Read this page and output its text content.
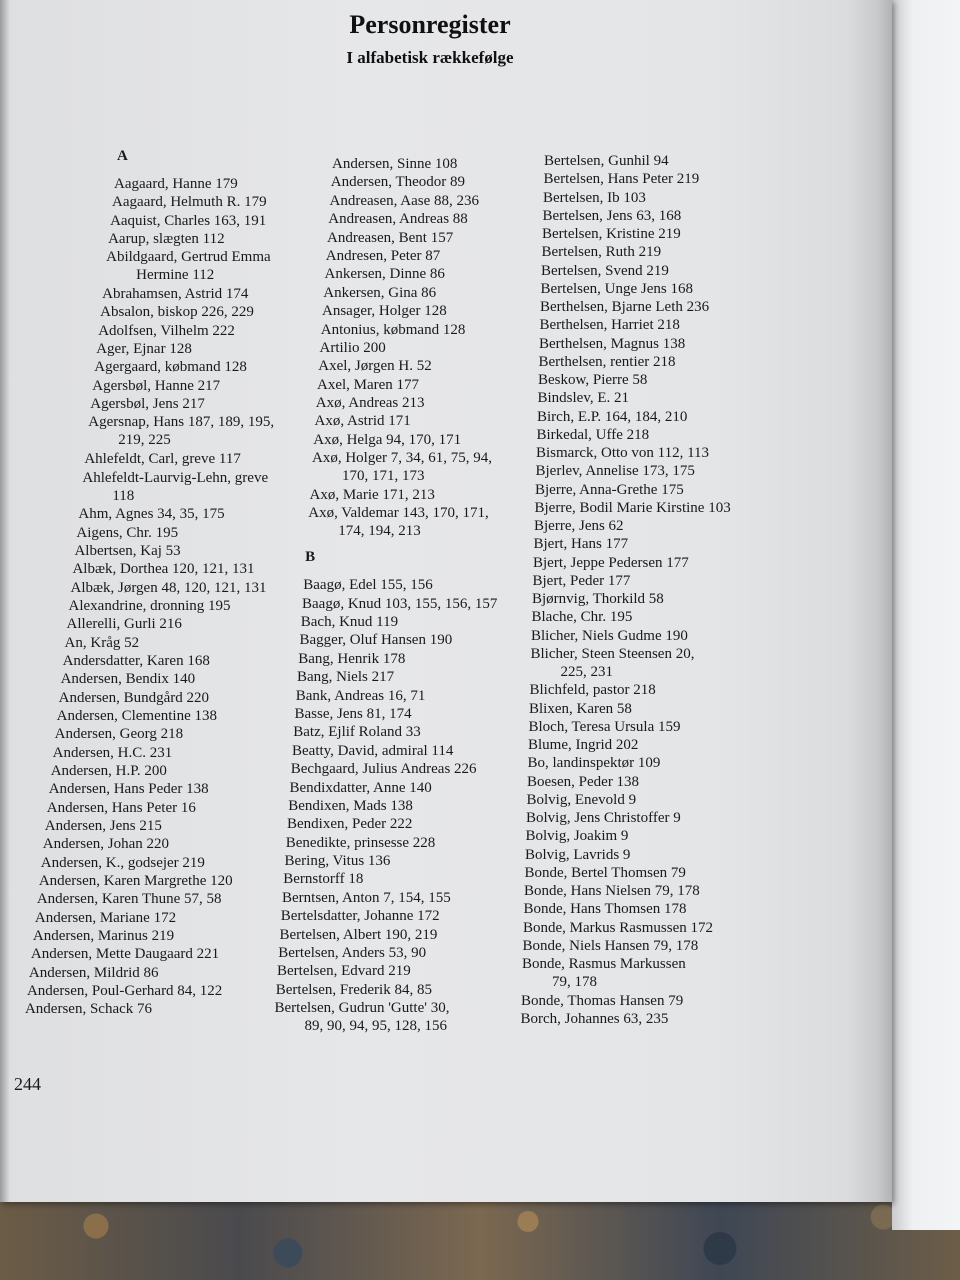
Personregister
I alfabetisk rækkefølge
A
Aagaard, Hanne 179
Aagaard, Helmuth R. 179
Aaquist, Charles 163, 191
Aarup, slægten 112
Abildgaard, Gertrud Emma
Hermine 112
Abrahamsen, Astrid 174
Absalon, biskop 226, 229
Adolfsen, Vilhelm 222
Ager, Ejnar 128
Agergaard, købmand 128
Agersbøl, Hanne 217
Agersbøl, Jens 217
Agersnap, Hans 187, 189, 195,
219, 225
Ahlefeldt, Carl, greve 117
Ahlefeldt-Laurvig-Lehn, greve
118
Ahm, Agnes 34, 35, 175
Aigens, Chr. 195
Albertsen, Kaj 53
Albæk, Dorthea 120, 121, 131
Albæk, Jørgen 48, 120, 121, 131
Alexandrine, dronning 195
Allerelli, Gurli 216
An, Kråg 52
Andersdatter, Karen 168
Andersen, Bendix 140
Andersen, Bundgård 220
Andersen, Clementine 138
Andersen, Georg 218
Andersen, H.C. 231
Andersen, H.P. 200
Andersen, Hans Peder 138
Andersen, Hans Peter 16
Andersen, Jens 215
Andersen, Johan 220
Andersen, K., godsejer 219
Andersen, Karen Margrethe 120
Andersen, Karen Thune 57, 58
Andersen, Mariane 172
Andersen, Marinus 219
Andersen, Mette Daugaard 221
Andersen, Mildrid 86
Andersen, Poul-Gerhard 84, 122
Andersen, Schack 76
Andersen, Sinne 108
Andersen, Theodor 89
Andreasen, Aase 88, 236
Andreasen, Andreas 88
Andreasen, Bent 157
Andresen, Peter 87
Ankersen, Dinne 86
Ankersen, Gina 86
Ansager, Holger 128
Antonius, købmand 128
Artilio 200
Axel, Jørgen H. 52
Axel, Maren 177
Axø, Andreas 213
Axø, Astrid 171
Axø, Helga 94, 170, 171
Axø, Holger 7, 34, 61, 75, 94,
170, 171, 173
Axø, Marie 171, 213
Axø, Valdemar 143, 170, 171,
174, 194, 213
B
Baagø, Edel 155, 156
Baagø, Knud 103, 155, 156, 157
Bach, Knud 119
Bagger, Oluf Hansen 190
Bang, Henrik 178
Bang, Niels 217
Bank, Andreas 16, 71
Basse, Jens 81, 174
Batz, Ejlif Roland 33
Beatty, David, admiral 114
Bechgaard, Julius Andreas 226
Bendixdatter, Anne 140
Bendixen, Mads 138
Bendixen, Peder 222
Benedikte, prinsesse 228
Bering, Vitus 136
Bernstorff 18
Berntsen, Anton 7, 154, 155
Bertelsdatter, Johanne 172
Bertelsen, Albert 190, 219
Bertelsen, Anders 53, 90
Bertelsen, Edvard 219
Bertelsen, Frederik 84, 85
Bertelsen, Gudrun 'Gutte' 30,
89, 90, 94, 95, 128, 156
Bertelsen, Gunhil 94
Bertelsen, Hans Peter 219
Bertelsen, Ib 103
Bertelsen, Jens 63, 168
Bertelsen, Kristine 219
Bertelsen, Ruth 219
Bertelsen, Svend 219
Bertelsen, Unge Jens 168
Berthelsen, Bjarne Leth 236
Berthelsen, Harriet 218
Berthelsen, Magnus 138
Berthelsen, rentier 218
Beskow, Pierre 58
Bindslev, E. 21
Birch, E.P. 164, 184, 210
Birkedal, Uffe 218
Bismarck, Otto von 112, 113
Bjerlev, Annelise 173, 175
Bjerre, Anna-Grethe 175
Bjerre, Bodil Marie Kirstine 103
Bjerre, Jens 62
Bjert, Hans 177
Bjert, Jeppe Pedersen 177
Bjert, Peder 177
Bjørnvig, Thorkild 58
Blache, Chr. 195
Blicher, Niels Gudme 190
Blicher, Steen Steensen 20,
225, 231
Blichfeld, pastor 218
Blixen, Karen 58
Bloch, Teresa Ursula 159
Blume, Ingrid 202
Bo, landinspektør 109
Boesen, Peder 138
Bolvig, Enevold 9
Bolvig, Jens Christoffer 9
Bolvig, Joakim 9
Bolvig, Lavrids 9
Bonde, Bertel Thomsen 79
Bonde, Hans Nielsen 79, 178
Bonde, Hans Thomsen 178
Bonde, Markus Rasmussen 172
Bonde, Niels Hansen 79, 178
Bonde, Rasmus Markussen
79, 178
Bonde, Thomas Hansen 79
Borch, Johannes 63, 235
244
